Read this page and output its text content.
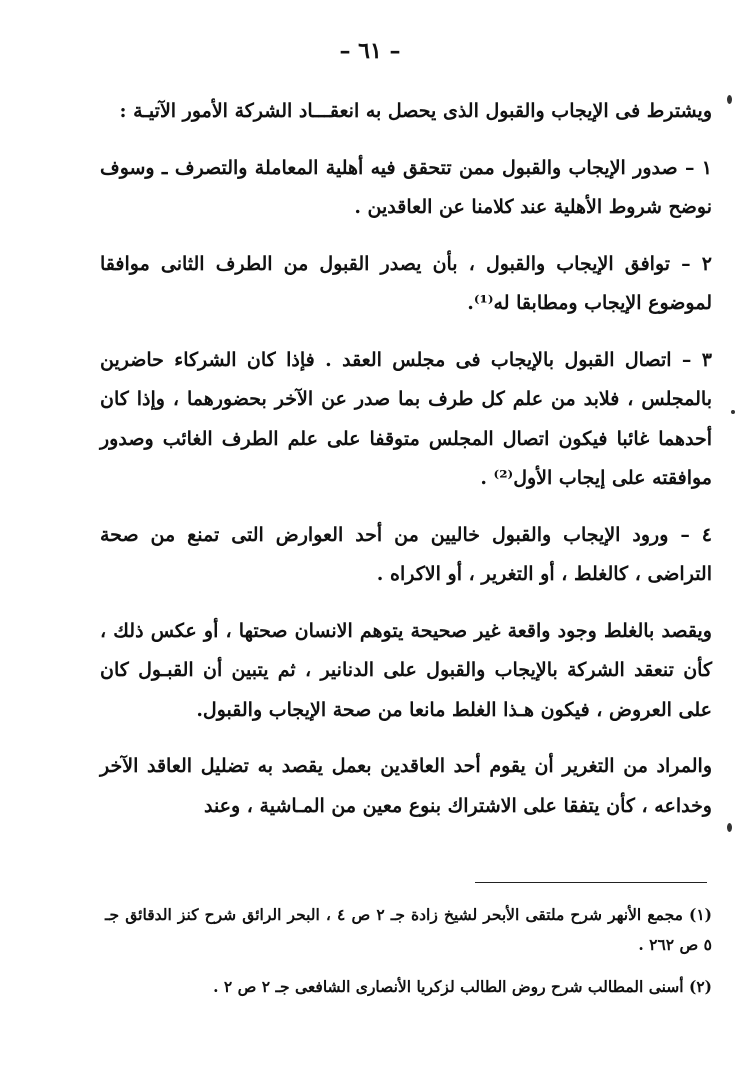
– ٦١ –

ويشترط فى الإيجاب والقبول الذى يحصل به انعقـــاد الشركة الأمور الآتيـة :

١ – صدور الإيجاب والقبول ممن تتحقق فيه أهلية المعاملة والتصرف ـ وسوف نوضح شروط الأهلية عند كلامنا عن العاقدين .

٢ – توافق الإيجاب والقبول ، بأن يصدر القبول من الطرف الثانى موافقا لموضوع الإيجاب ومطابقا له⁽¹⁾.

٣ – اتصال القبول بالإيجاب فى مجلس العقد . فإذا كان الشركاء حاضرين بالمجلس ، فلابد من علم كل طرف بما صدر عن الآخر بحضورهما ، وإذا كان أحدهما غائبا فيكون اتصال المجلس متوقفا على علم الطرف الغائب وصدور موافقته على إيجاب الأول⁽²⁾ .

٤ – ورود الإيجاب والقبول خاليين من أحد العوارض التى تمنع من صحة التراضى ، كالغلط ، أو التغرير ، أو الاكراه .

ويقصد بالغلط وجود واقعة غير صحيحة يتوهم الانسان صحتها ، أو عكس ذلك ، كأن تنعقد الشركة بالإيجاب والقبول على الدنانير ، ثم يتبين أن القبـول كان على العروض ، فيكون هـذا الغلط مانعا من صحة الإيجاب والقبول.

والمراد من التغرير أن يقوم أحد العاقدين بعمل يقصد به تضليل العاقد الآخر وخداعه ، كأن يتفقا على الاشتراك بنوع معين من المـاشية ، وعند

(١) مجمع الأنهر شرح ملتقى الأبحر لشيخ زادة جـ ٢ ص ٤ ، البحر الرائق شرح كنز الدقائق جـ ٥ ص ٢٦٢ .

(٢) أسنى المطالب شرح روض الطالب لزكريا الأنصارى الشافعى جـ ٢ ص ٢ .
